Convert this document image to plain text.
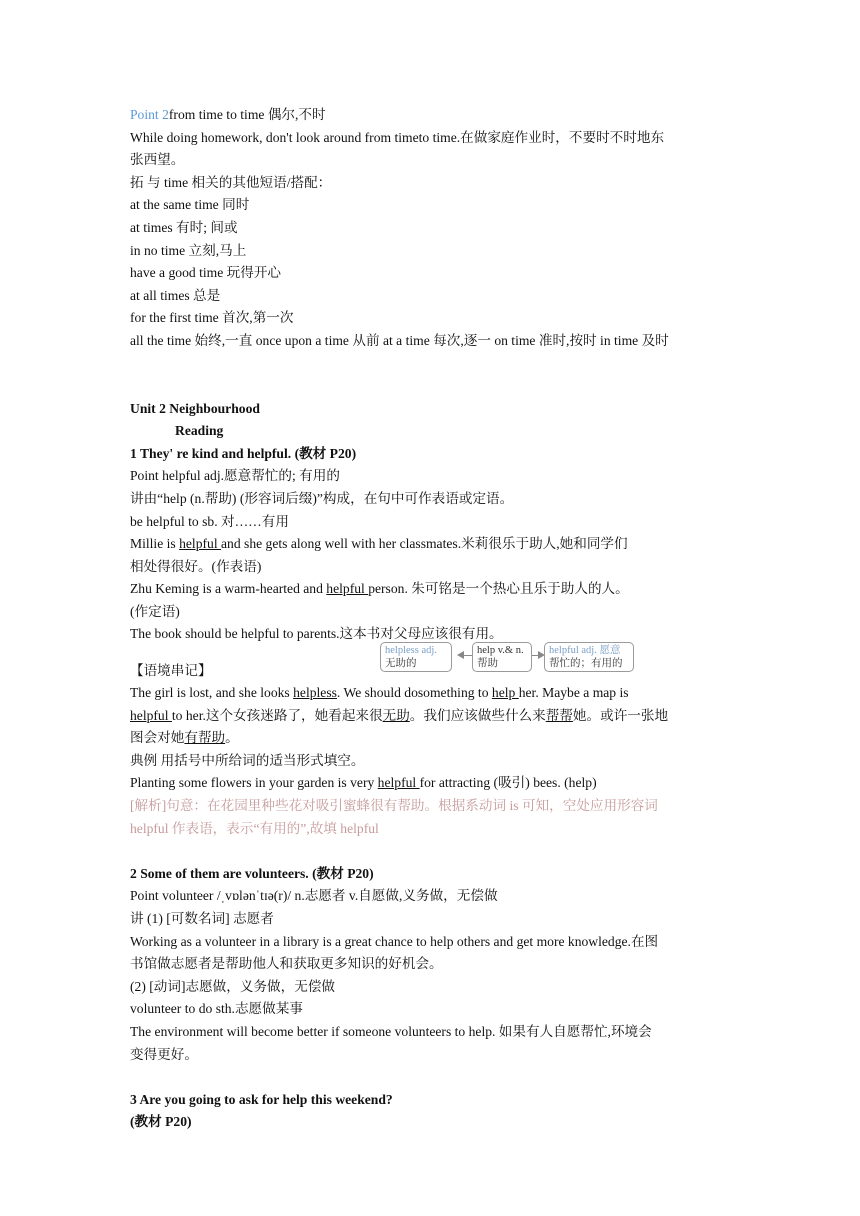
Point 2from time to time 偶尔,不时
While doing homework, don't look around from timeto time.在做家庭作业时，不要时不时地东
张西望。
拓 与 time 相关的其他短语/搭配：
at the same time 同时
at times 有时; 间或
in no time 立刻,马上
have a good time 玩得开心
at all times 总是
for the first time 首次,第一次
all the time 始终,一直 once upon a time 从前 at a time 每次,逐一 on time 准时,按时 in time 及时
Unit 2 Neighbourhood
Reading
1 They' re kind and helpful. (教材 P20)
Point helpful adj.愿意帮忙的; 有用的
讲由“help (n.帮助) (形容词后缀)”构成，在句中可作表语或定语。
be helpful to sb. 对……有用
Millie is helpful and she gets along well with her classmates.米莉很乐于助人,她和同学们
相处得很好。(作表语)
Zhu Keming is a warm-hearted and helpful person. 朱可铭是一个热心且乐于助人的人。
(作定语)
The book should be helpful to parents.这本书对父母应该很有用。
【语境串记】
helpless adj.
无助的
help v.& n.
帮助
helpful adj. 愿意
帮忙的；有用的
The girl is lost, and she looks helpless. We should dosomething to help her. Maybe a map is
helpful to her.这个女孩迷路了，她看起来很无助。我们应该做些什么来帮帮她。或许一张地
图会对她有帮助。
典例 用括号中所给词的适当形式填空。
Planting some flowers in your garden is very helpful for attracting (吸引) bees. (help)
[解析]句意：在花园里种些花对吸引蜜蜂很有帮助。根据系动词 is 可知，空处应用形容词
helpful 作表语，表示“有用的”,故填 helpful
2 Some of them are volunteers. (教材 P20)
Point volunteer /ˌvɒlənˈtɪə(r)/ n.志愿者 v.自愿做,义务做，无偿做
讲 (1) [可数名词] 志愿者
Working as a volunteer in a library is a great chance to help others and get more knowledge.在图
书馆做志愿者是帮助他人和获取更多知识的好机会。
(2) [动词]志愿做，义务做，无偿做
volunteer to do sth.志愿做某事
The environment will become better if someone volunteers to help. 如果有人自愿帮忙,环境会
变得更好。
3 Are you going to ask for help this weekend?
(教材 P20)
